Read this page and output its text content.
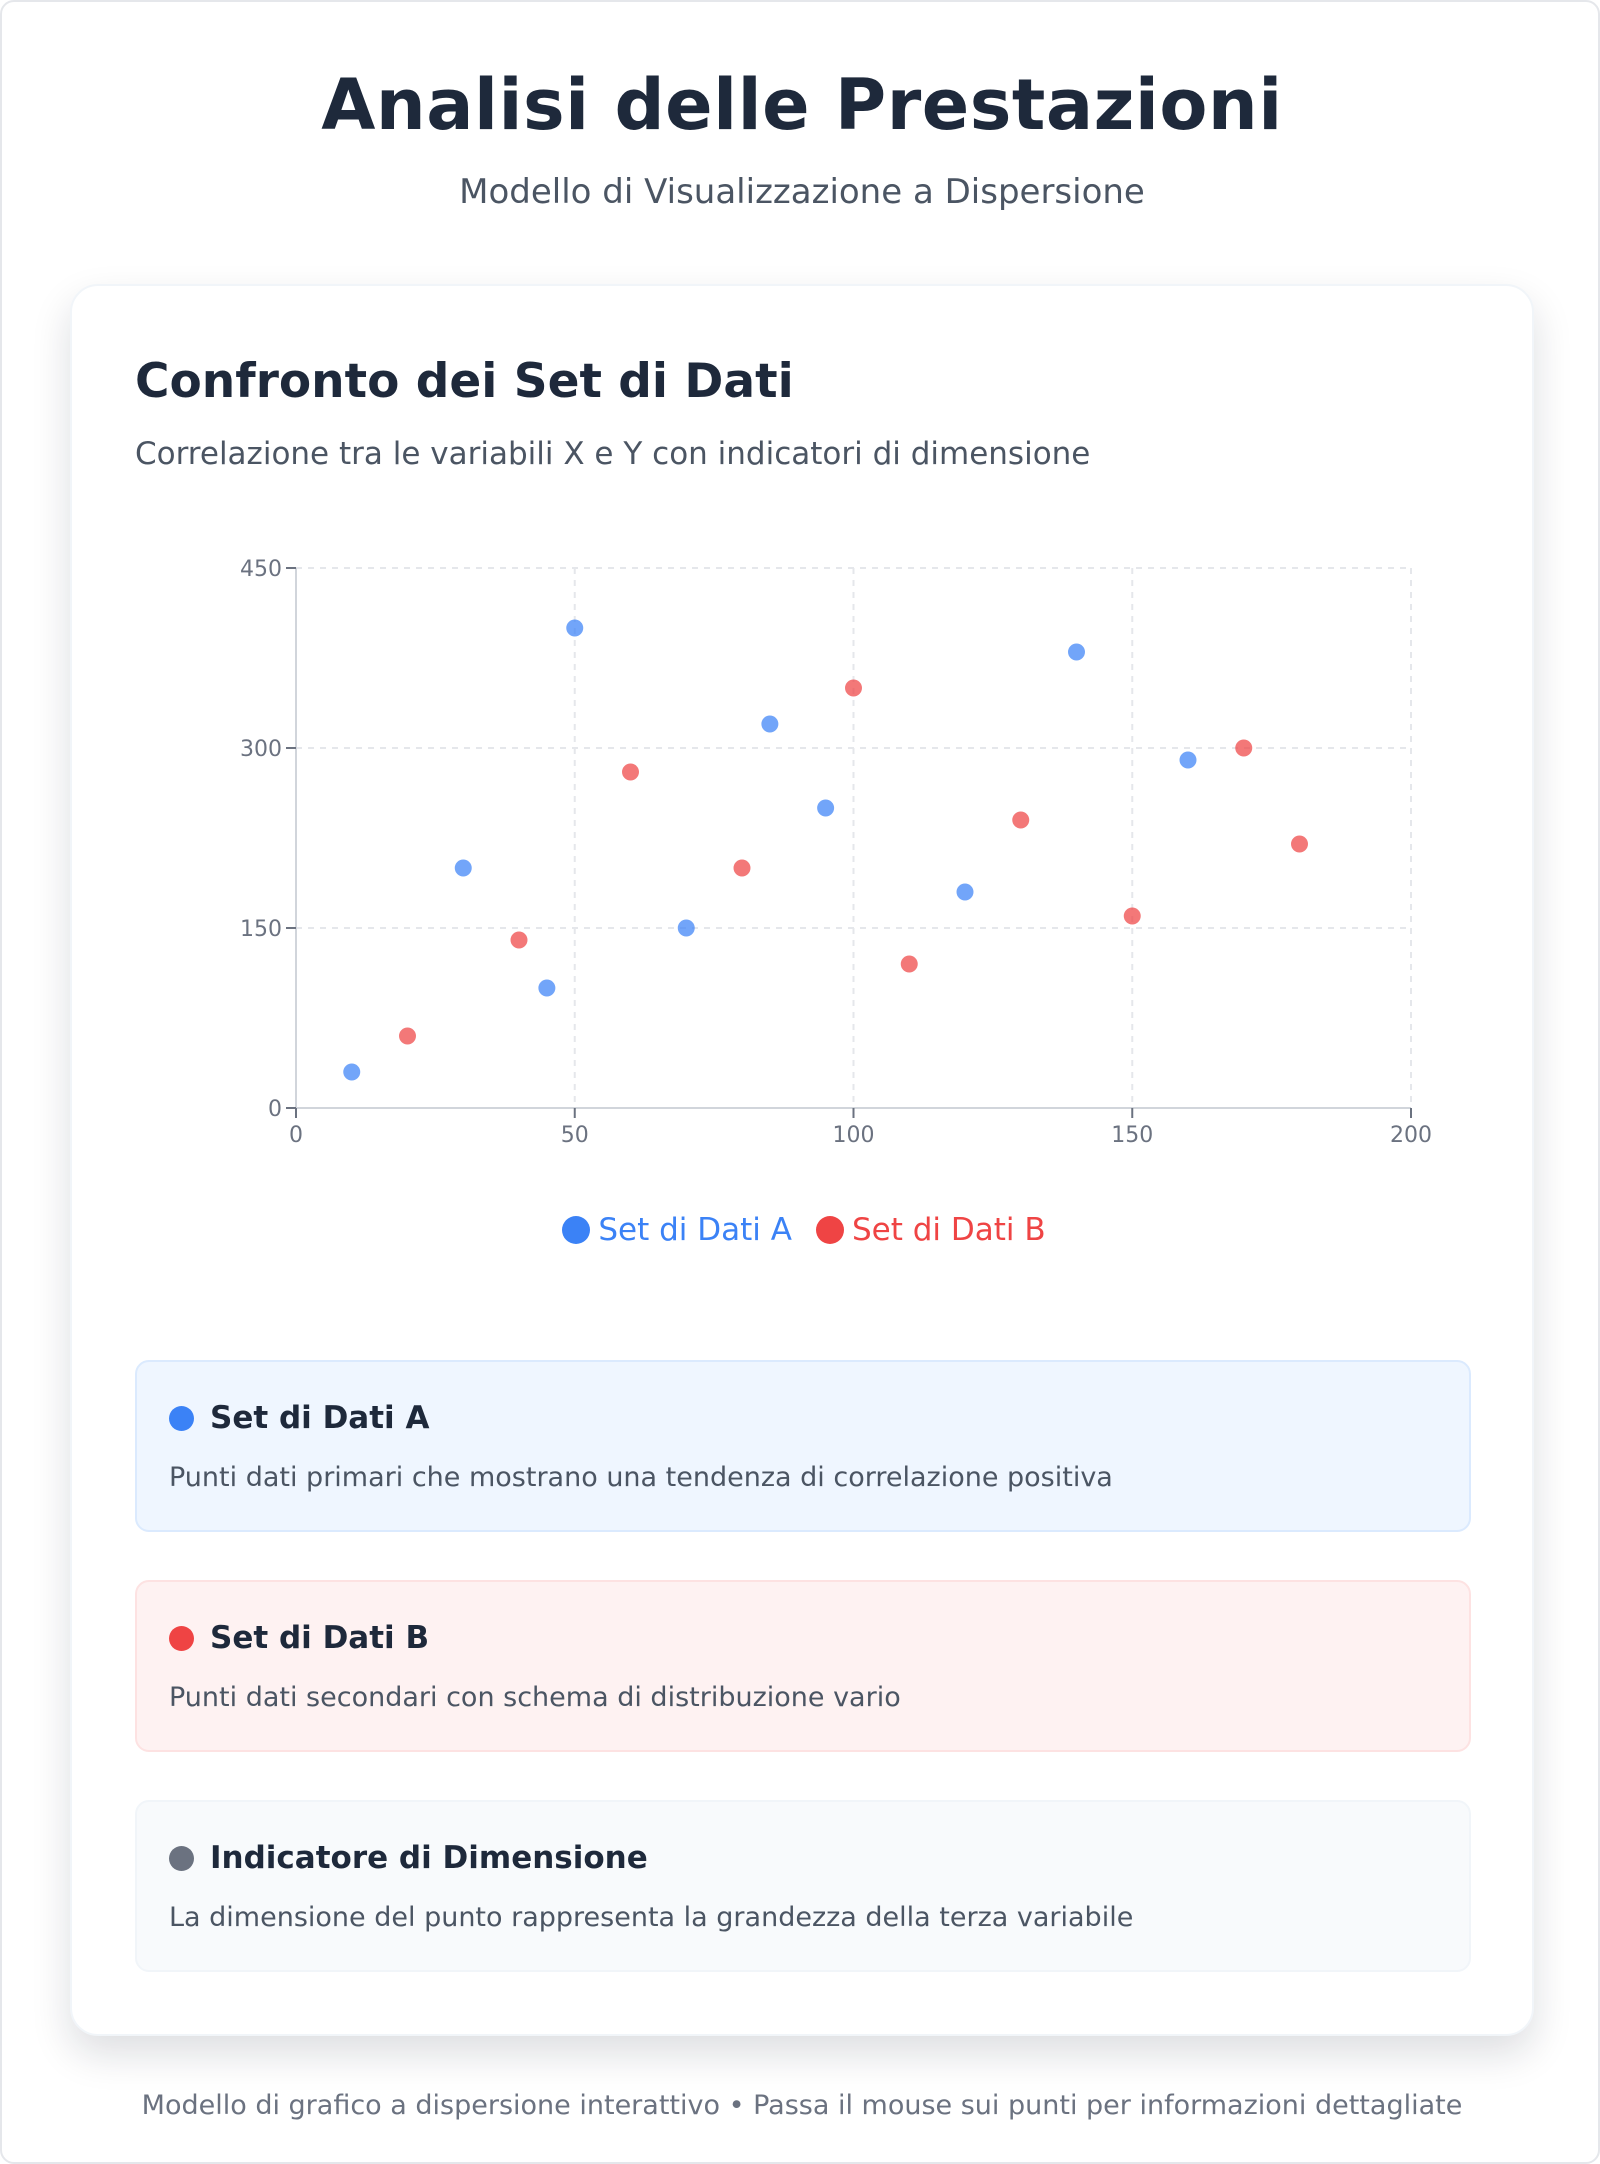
Analisi delle Prestazioni
Modello di Visualizzazione a Dispersione
Confronto dei Set di Dati
Correlazione tra le variabili X e Y con indicatori di dimensione
0	50	100	150	200
0
150
300
450
Set di Dati A Set di Dati B
Set di Dati A
Punti dati primari che mostrano una tendenza di correlazione positiva
Set di Dati B
Punti dati secondari con schema di distribuzione vario
Indicatore di Dimensione
La dimensione del punto rappresenta la grandezza della terza variabile
Modello di grafico a dispersione interattivo • Passa il mouse sui punti per informazioni dettagliate
